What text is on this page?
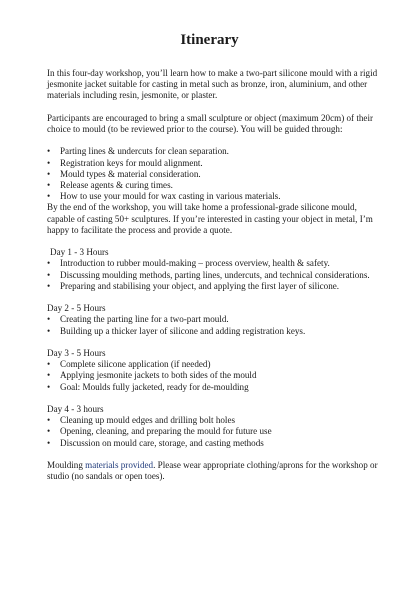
Itinerary

In this four-day workshop, you’ll learn how to make a two-part silicone mould with a rigid jesmonite jacket suitable for casting in metal such as bronze, iron, aluminium, and other materials including resin, jesmonite, or plaster.

Participants are encouraged to bring a small sculpture or object (maximum 20cm) of their choice to mould (to be reviewed prior to the course). You will be guided through:

• Parting lines & undercuts for clean separation.
• Registration keys for mould alignment.
• Mould types & material consideration.
• Release agents & curing times.
• How to use your mould for wax casting in various materials.

By the end of the workshop, you will take home a professional-grade silicone mould, capable of casting 50+ sculptures. If you’re interested in casting your object in metal, I’m happy to facilitate the process and provide a quote.

Day 1 - 3 Hours
• Introduction to rubber mould-making – process overview, health & safety.
• Discussing moulding methods, parting lines, undercuts, and technical considerations.
• Preparing and stabilising your object, and applying the first layer of silicone.
Day 2 - 5 Hours
• Creating the parting line for a two-part mould.
• Building up a thicker layer of silicone and adding registration keys.
Day 3 - 5 Hours
• Complete silicone application (if needed)
• Applying jesmonite jackets to both sides of the mould
• Goal: Moulds fully jacketed, ready for de-moulding
Day 4 - 3 hours
• Cleaning up mould edges and drilling bolt holes
• Opening, cleaning, and preparing the mould for future use
• Discussion on mould care, storage, and casting methods

Moulding materials provided. Please wear appropriate clothing/aprons for the workshop or studio (no sandals or open toes).
